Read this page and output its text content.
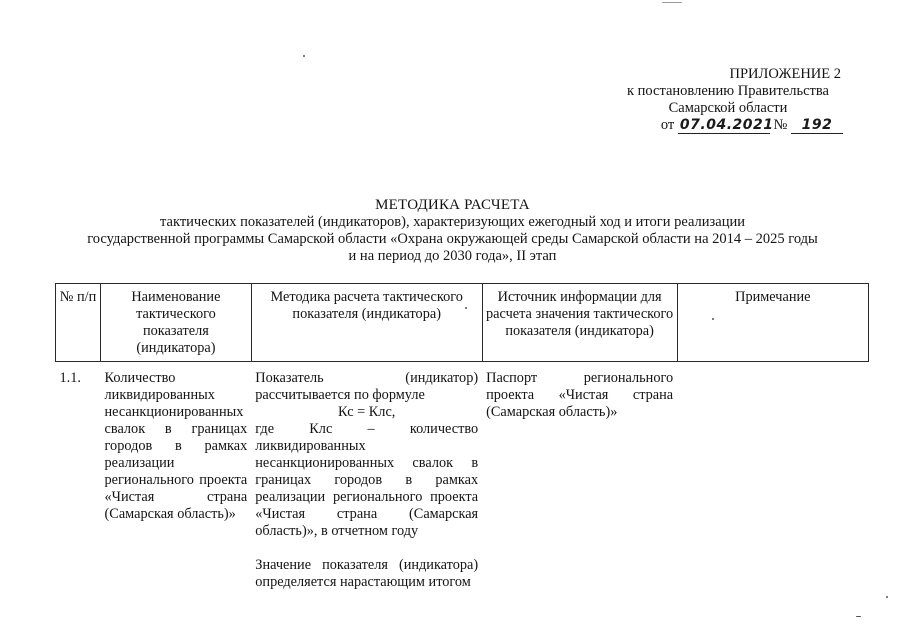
ПРИЛОЖЕНИЕ 2
к постановлению Правительства
Самарской области
от 07.04.2021 № 192
МЕТОДИКА РАСЧЕТА
тактических показателей (индикаторов), характеризующих ежегодный ход и итоги реализации
государственной программы Самарской области «Охрана окружающей среды Самарской области на 2014 – 2025 годы
и на период до 2030 года», II этап
№ п/п	Наименование тактического показателя (индикатора)	Методика расчета тактического показателя (индикатора)	Источник информации для расчета значения тактического показателя (индикатора)	Примечание
1.1.	Количество ликвидированных несанкционированных свалок в границах городов в рамках реализации регионального проекта «Чистая страна (Самарская область)»	Показатель (индикатор) рассчитывается по формуле

Кс = Клс,

где Клс – количество ликвидированных несанкционированных свалок в границах городов в рамках реализации регионального проекта «Чистая страна (Самарская область)», в отчетном году

Значение показателя (индикатора) определяется нарастающим итогом	Паспорт регионального проекта «Чистая страна (Самарская область)»	
